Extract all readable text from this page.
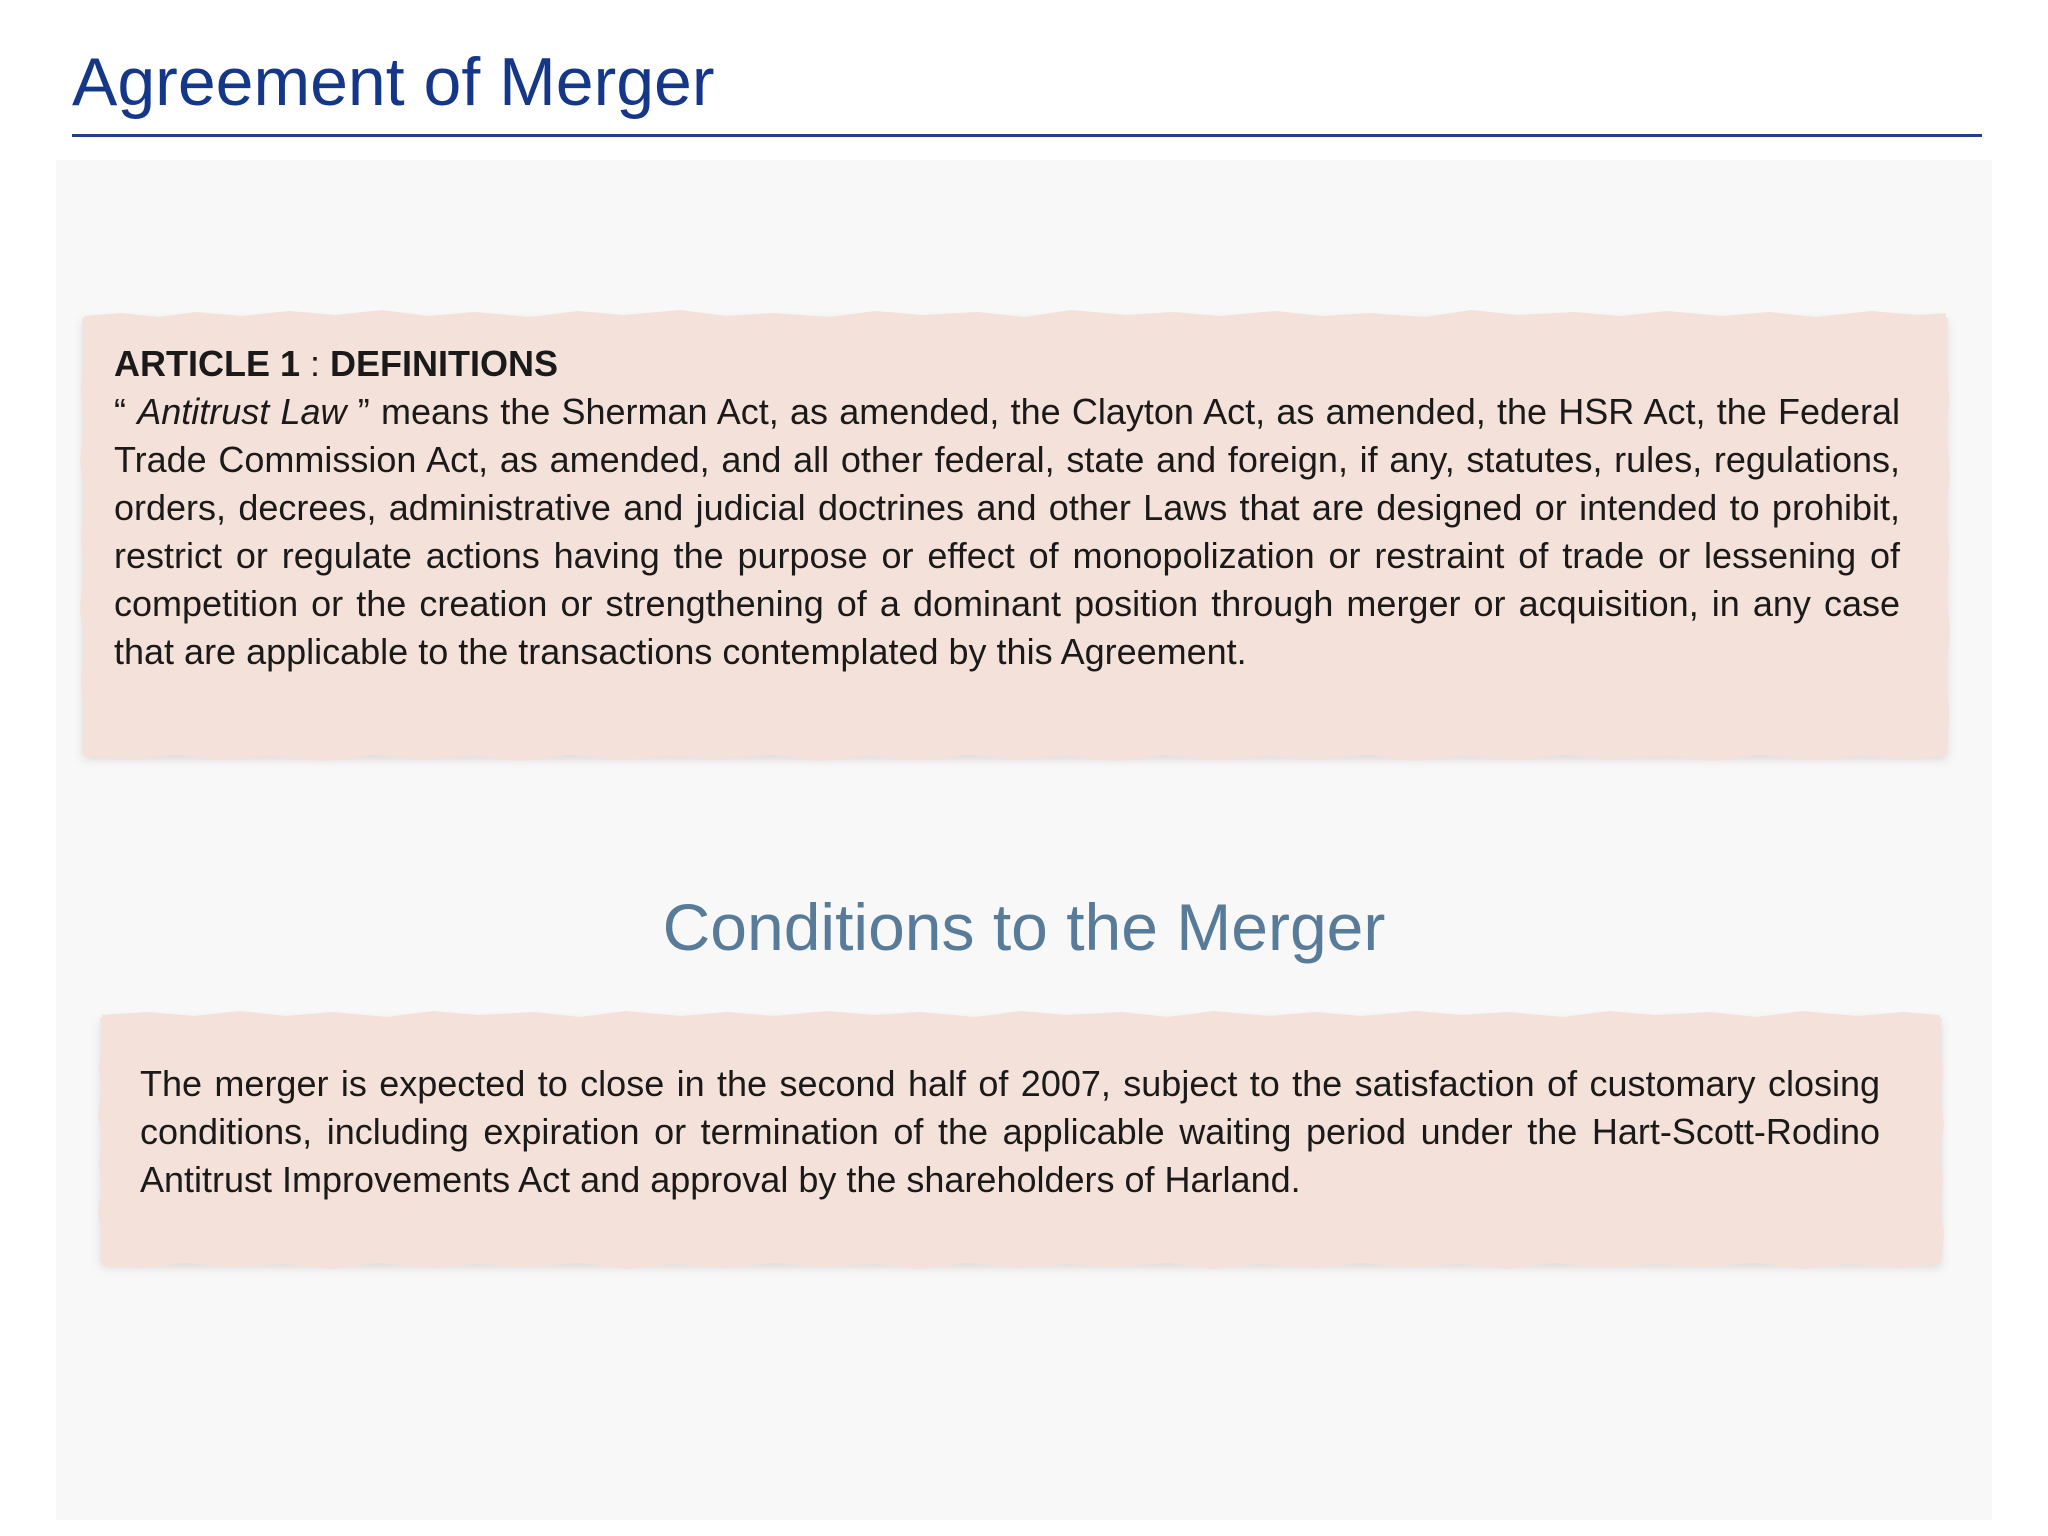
Agreement of Merger
ARTICLE 1 : DEFINITIONS
“ Antitrust Law ” means the Sherman Act, as amended, the Clayton Act, as amended, the HSR Act, the Federal Trade Commission Act, as amended, and all other federal, state and foreign, if any, statutes, rules, regulations, orders, decrees, administrative and judicial doctrines and other Laws that are designed or intended to prohibit, restrict or regulate actions having the purpose or effect of monopolization or restraint of trade or lessening of competition or the creation or strengthening of a dominant position through merger or acquisition, in any case that are applicable to the transactions contemplated by this Agreement.
Conditions to the Merger
The merger is expected to close in the second half of 2007, subject to the satisfaction of customary closing conditions, including expiration or termination of the applicable waiting period under the Hart-Scott-Rodino Antitrust Improvements Act and approval by the shareholders of Harland.
